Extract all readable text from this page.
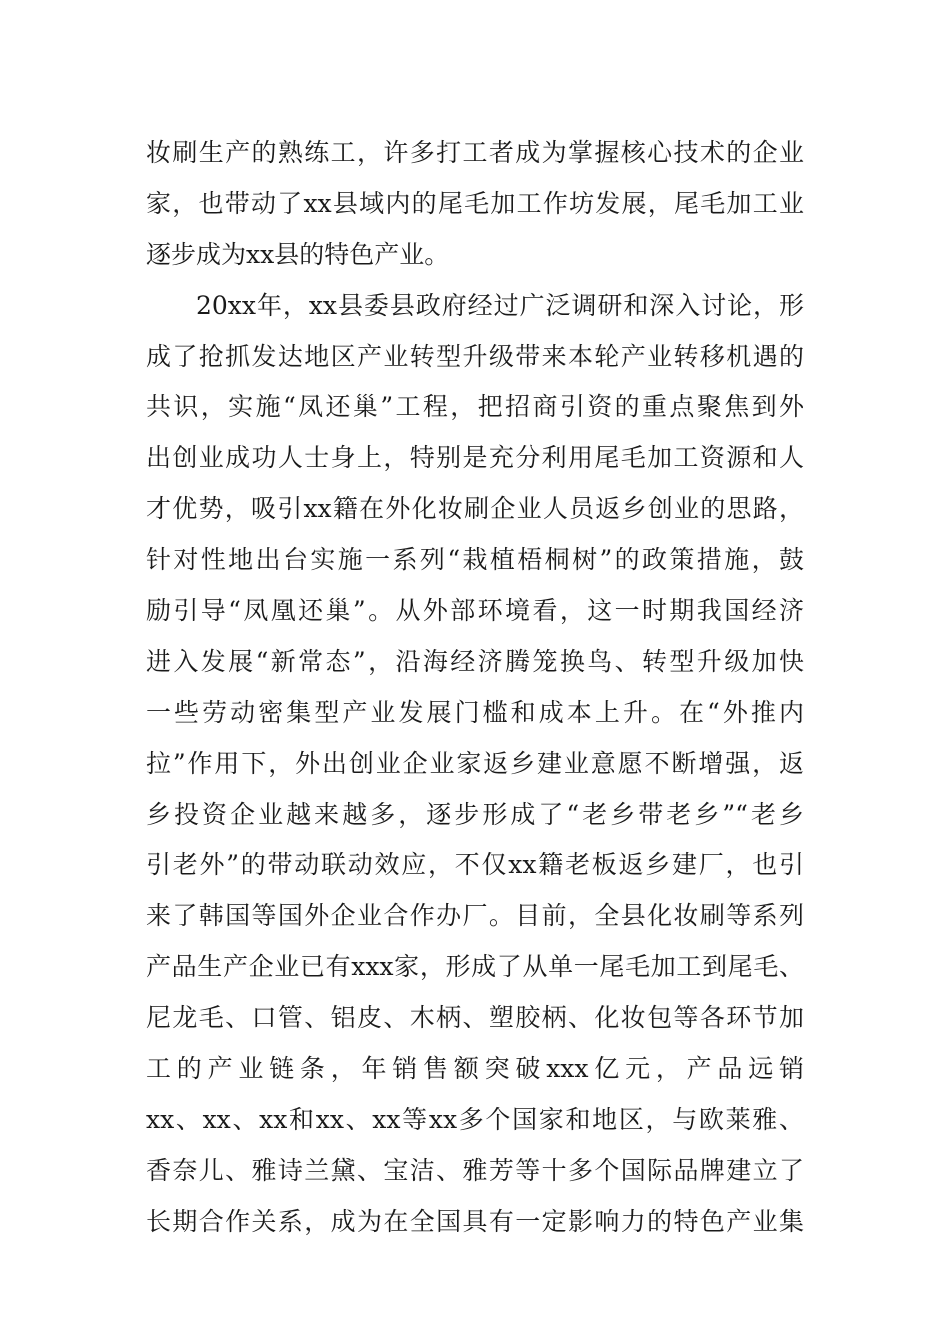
妆刷生产的熟练工，许多打工者成为掌握核心技术的企业
家，也带动了xx县域内的尾毛加工作坊发展，尾毛加工业
逐步成为xx县的特色产业。
20xx年，xx县委县政府经过广泛调研和深入讨论，形
成了抢抓发达地区产业转型升级带来本轮产业转移机遇的
共识，实施“凤还巢”工程，把招商引资的重点聚焦到外
出创业成功人士身上，特别是充分利用尾毛加工资源和人
才优势，吸引xx籍在外化妆刷企业人员返乡创业的思路，
针对性地出台实施一系列“栽植梧桐树”的政策措施，鼓
励引导“凤凰还巢”。从外部环境看，这一时期我国经济
进入发展“新常态”，沿海经济腾笼换鸟、转型升级加快
一些劳动密集型产业发展门槛和成本上升。在“外推内
拉”作用下，外出创业企业家返乡建业意愿不断增强，返
乡投资企业越来越多，逐步形成了“老乡带老乡”“老乡
引老外”的带动联动效应，不仅xx籍老板返乡建厂，也引
来了韩国等国外企业合作办厂。目前，全县化妆刷等系列
产品生产企业已有xxx家，形成了从单一尾毛加工到尾毛、
尼龙毛、口管、铝皮、木柄、塑胶柄、化妆包等各环节加
工的产业链条，年销售额突破xxx亿元，产品远销
xx、xx、xx和xx、xx等xx多个国家和地区，与欧莱雅、
香奈儿、雅诗兰黛、宝洁、雅芳等十多个国际品牌建立了
长期合作关系，成为在全国具有一定影响力的特色产业集
